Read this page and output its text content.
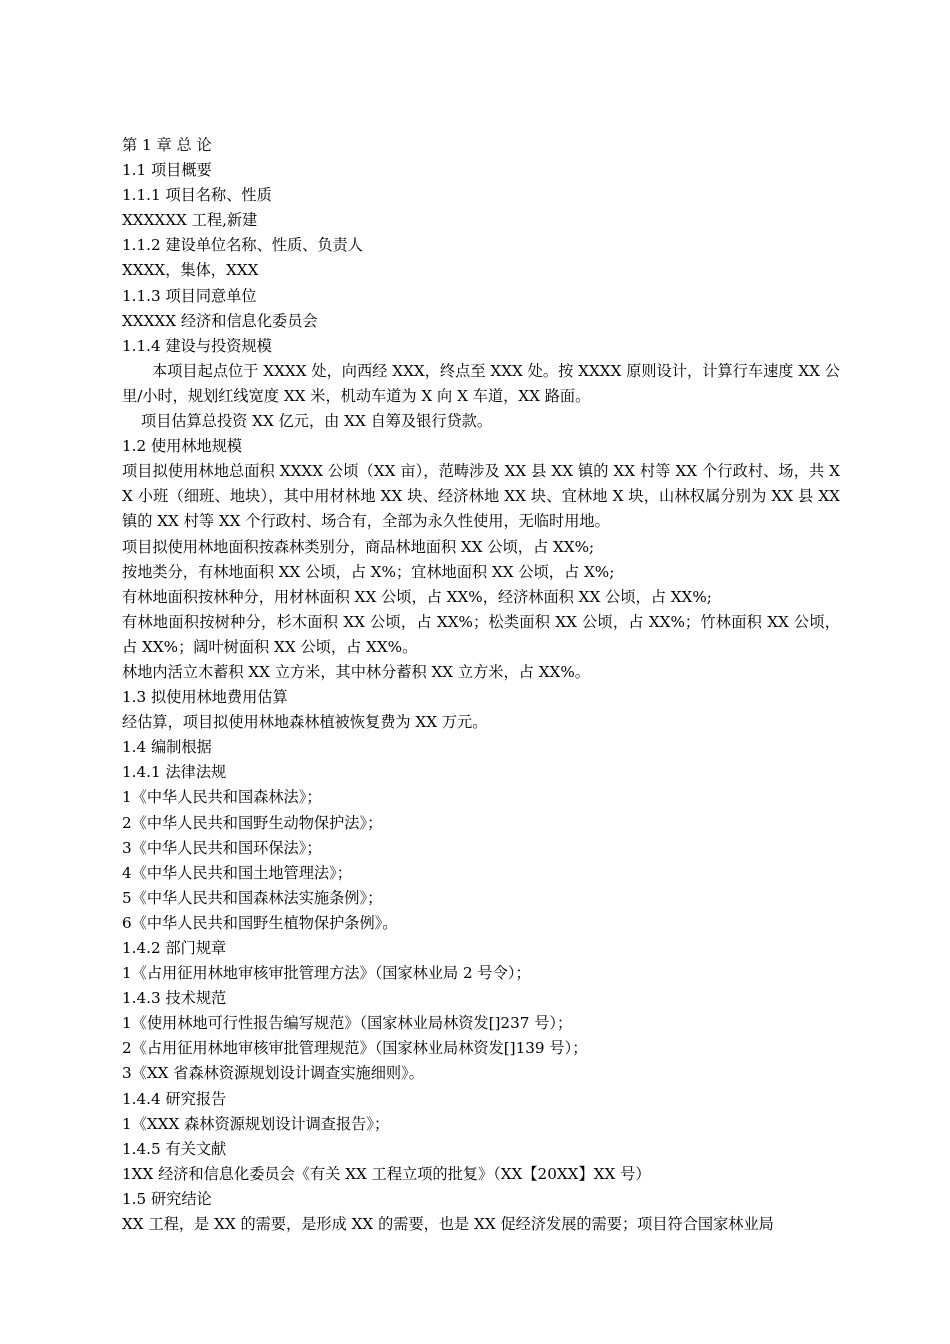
第 1 章 总 论
1.1 项目概要
1.1.1 项目名称、性质
XXXXXX 工程,新建
1.1.2 建设单位名称、性质、负责人
XXXX，集体，XXX
1.1.3 项目同意单位
XXXXX 经济和信息化委员会
1.1.4 建设与投资规模
本项目起点位于 XXXX 处，向西经 XXX，终点至 XXX 处。按 XXXX 原则设计，计算行车速度 XX 公里/小时，规划红线宽度 XX 米，机动车道为 X 向 X 车道，XX 路面。
项目估算总投资 XX 亿元，由 XX 自筹及银行贷款。
1.2 使用林地规模
项目拟使用林地总面积 XXXX 公顷（XX 亩），范畴涉及 XX 县 XX 镇的 XX 村等 XX 个行政村、场，共 XX 小班（细班、地块），其中用材林地 XX 块、经济林地 XX 块、宜林地 X 块，山林权属分别为 XX 县 XX 镇的 XX 村等 XX 个行政村、场合有，全部为永久性使用，无临时用地。
项目拟使用林地面积按森林类别分，商品林地面积 XX 公顷，占 XX%;
按地类分，有林地面积 XX 公顷，占 X%；宜林地面积 XX 公顷，占 X%;
有林地面积按林种分，用材林面积 XX 公顷，占 XX%，经济林面积 XX 公顷，占 XX%;
有林地面积按树种分，杉木面积 XX 公顷，占 XX%；松类面积 XX 公顷，占 XX%；竹林面积 XX 公顷，占 XX%；阔叶树面积 XX 公顷，占 XX%。
林地内活立木蓄积 XX 立方米，其中林分蓄积 XX 立方米，占 XX%。
1.3 拟使用林地费用估算
经估算，项目拟使用林地森林植被恢复费为 XX 万元。
1.4 编制根据
1.4.1 法律法规
1《中华人民共和国森林法》；
2《中华人民共和国野生动物保护法》；
3《中华人民共和国环保法》；
4《中华人民共和国土地管理法》；
5《中华人民共和国森林法实施条例》；
6《中华人民共和国野生植物保护条例》。
1.4.2 部门规章
1《占用征用林地审核审批管理方法》（国家林业局 2 号令）；
1.4.3 技术规范
1《使用林地可行性报告编写规范》（国家林业局林资发[]237 号）；
2《占用征用林地审核审批管理规范》（国家林业局林资发[]139 号）；
3《XX 省森林资源规划设计调查实施细则》。
1.4.4 研究报告
1《XXX 森林资源规划设计调查报告》；
1.4.5 有关文献
1XX 经济和信息化委员会《有关 XX 工程立项的批复》（XX【20XX】XX 号）
1.5 研究结论
XX 工程，是 XX 的需要，是形成 XX 的需要，也是 XX 促经济发展的需要；项目符合国家林业局
